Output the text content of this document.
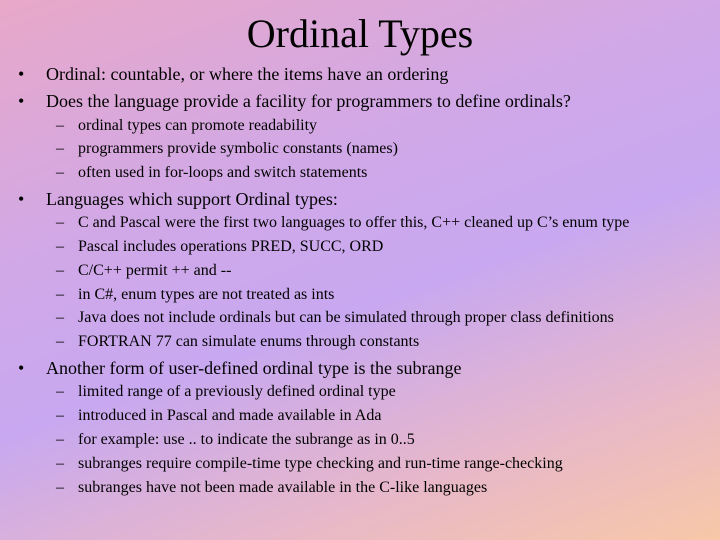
Ordinal Types
• Ordinal: countable, or where the items have an ordering
• Does the language provide a facility for programmers to define ordinals?
– ordinal types can promote readability
– programmers provide symbolic constants (names)
– often used in for-loops and switch statements
• Languages which support Ordinal types:
– C and Pascal were the first two languages to offer this, C++ cleaned up C’s enum type
– Pascal includes operations PRED, SUCC, ORD
– C/C++ permit ++ and --
– in C#, enum types are not treated as ints
– Java does not include ordinals but can be simulated through proper class definitions
– FORTRAN 77 can simulate enums through constants
• Another form of user-defined ordinal type is the subrange
– limited range of a previously defined ordinal type
– introduced in Pascal and made available in Ada
– for example: use .. to indicate the subrange as in 0..5
– subranges require compile-time type checking and run-time range-checking
– subranges have not been made available in the C-like languages
